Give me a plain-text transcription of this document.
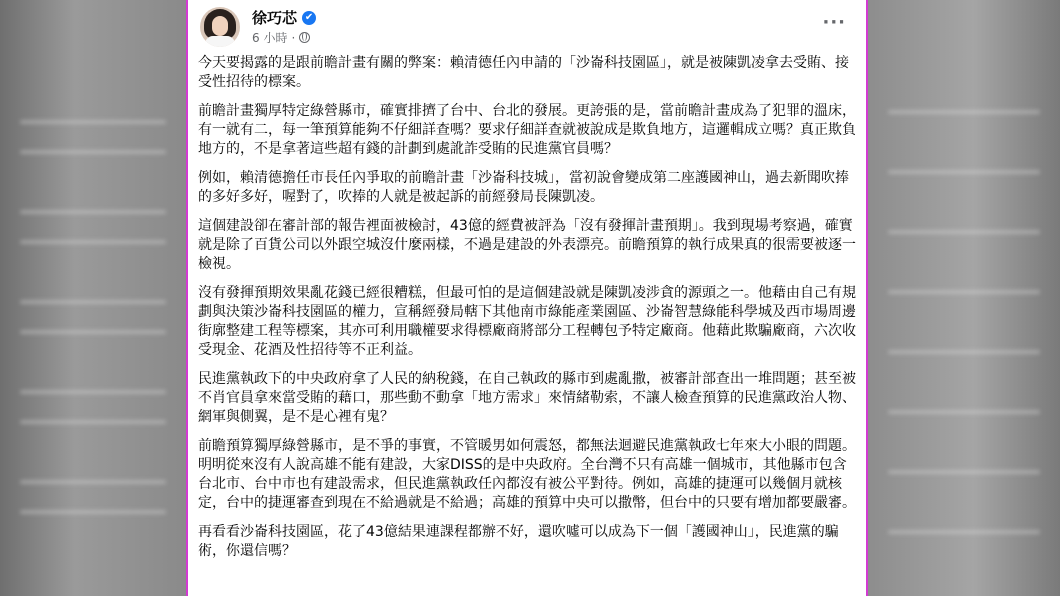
徐巧芯 ✔
6 小時 ·
···

今天要揭露的是跟前瞻計畫有關的弊案：賴清德任內申請的「沙崙科技園區」，就是被陳凱凌拿去受賄、接受性招待的標案。

前瞻計畫獨厚特定綠營縣市，確實排擠了台中、台北的發展。更誇張的是，當前瞻計畫成為了犯罪的溫床，有一就有二，每一筆預算能夠不仔細詳查嗎？要求仔細詳查就被說成是欺負地方，這邏輯成立嗎？真正欺負地方的，不是拿著這些超有錢的計劃到處訛詐受賄的民進黨官員嗎？

例如，賴清德擔任市長任內爭取的前瞻計畫「沙崙科技城」，當初說會變成第二座護國神山，過去新聞吹捧的多好多好，喔對了，吹捧的人就是被起訴的前經發局長陳凱凌。

這個建設卻在審計部的報告裡面被檢討，43億的經費被評為「沒有發揮計畫預期」。我到現場考察過，確實就是除了百貨公司以外跟空城沒什麼兩樣，不過是建設的外表漂亮。前瞻預算的執行成果真的很需要被逐一檢視。

沒有發揮預期效果亂花錢已經很糟糕，但最可怕的是這個建設就是陳凱凌涉貪的源頭之一。他藉由自己有規劃與決策沙崙科技園區的權力，宣稱經發局轄下其他南市綠能產業園區、沙崙智慧綠能科學城及西市場周邊街廓整建工程等標案，其亦可利用職權要求得標廠商將部分工程轉包予特定廠商。他藉此欺騙廠商，六次收受現金、花酒及性招待等不正利益。

民進黨執政下的中央政府拿了人民的納稅錢，在自己執政的縣市到處亂撒，被審計部查出一堆問題；甚至被不肖官員拿來當受賄的藉口，那些動不動拿「地方需求」來情緒勒索，不讓人檢查預算的民進黨政治人物、網軍與側翼，是不是心裡有鬼？

前瞻預算獨厚綠營縣市，是不爭的事實，不管暖男如何震怒，都無法迴避民進黨執政七年來大小眼的問題。明明從來沒有人說高雄不能有建設，大家DISS的是中央政府。全台灣不只有高雄一個城市，其他縣市包含台北市、台中市也有建設需求，但民進黨執政任內都沒有被公平對待。例如，高雄的捷運可以幾個月就核定，台中的捷運審查到現在不給過就是不給過；高雄的預算中央可以撒幣，但台中的只要有增加都要嚴審。

再看看沙崙科技園區，花了43億結果連課程都辦不好，還吹噓可以成為下一個「護國神山」，民進黨的騙術，你還信嗎？
